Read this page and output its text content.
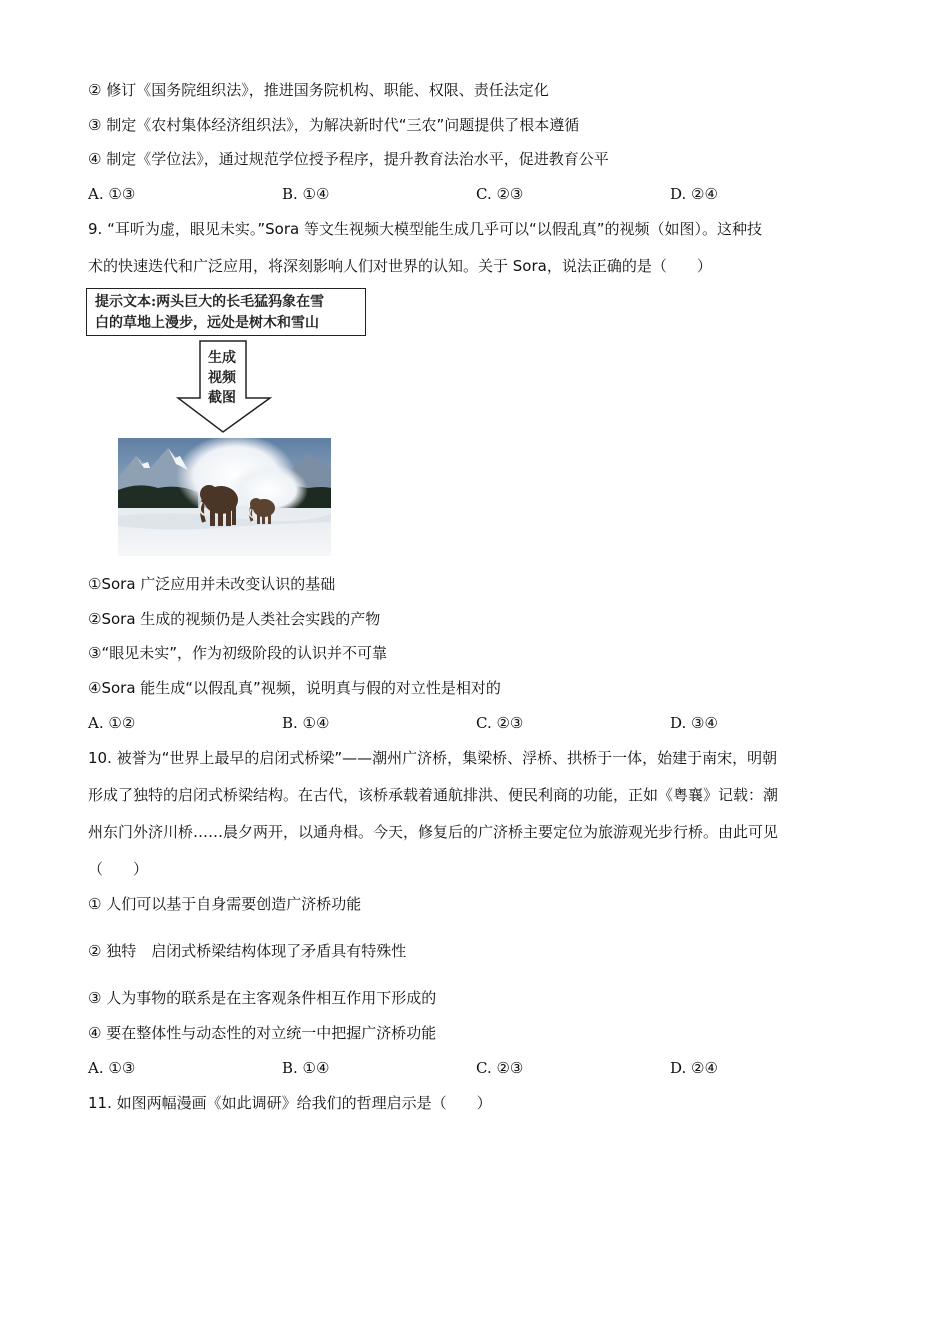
② 修订《国务院组织法》，推进国务院机构、职能、权限、责任法定化
③ 制定《农村集体经济组织法》，为解决新时代“三农”问题提供了根本遵循
④ 制定《学位法》，通过规范学位授予程序，提升教育法治水平，促进教育公平
A. ①③	B. ①④	C. ②③	D. ②④
9. “耳听为虚，眼见未实。”Sora 等文生视频大模型能生成几乎可以“以假乱真”的视频（如图）。这种技
术的快速迭代和广泛应用，将深刻影响人们对世界的认知。关于 Sora，说法正确的是（　　）
提示文本:两头巨大的长毛猛犸象在雪
白的草地上漫步，远处是树木和雪山
生成
视频
截图
①Sora 广泛应用并未改变认识的基础
②Sora 生成的视频仍是人类社会实践的产物
③“眼见未实”，作为初级阶段的认识并不可靠
④Sora 能生成“以假乱真”视频，说明真与假的对立性是相对的
A. ①②	B. ①④	C. ②③	D. ③④
10. 被誉为“世界上最早的启闭式桥梁”——潮州广济桥，集梁桥、浮桥、拱桥于一体，始建于南宋，明朝
形成了独特的启闭式桥梁结构。在古代，该桥承载着通航排洪、便民利商的功能，正如《粤襄》记载：潮
州东门外济川桥……晨夕两开，以通舟楫。今天，修复后的广济桥主要定位为旅游观光步行桥。由此可见
（　　）
① 人们可以基于自身需要创造广济桥功能
② 独特　启闭式桥梁结构体现了矛盾具有特殊性
③ 人为事物的联系是在主客观条件相互作用下形成的
④ 要在整体性与动态性的对立统一中把握广济桥功能
A. ①③	B. ①④	C. ②③	D. ②④
11. 如图两幅漫画《如此调研》给我们的哲理启示是（　　）
